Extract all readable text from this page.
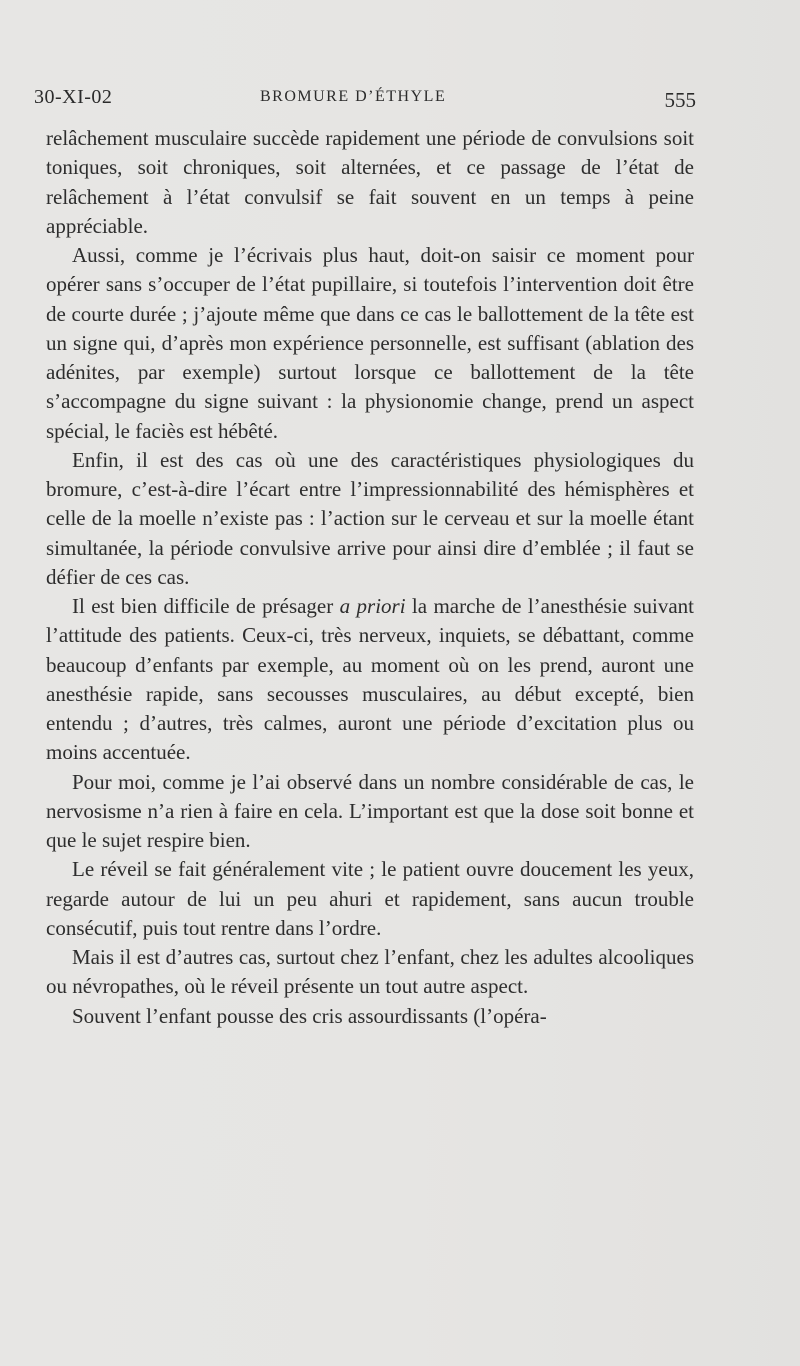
30-XI-02	BROMURE D’ÉTHYLE	555

relâchement musculaire succède rapidement une période de convulsions soit toniques, soit chroniques, soit alternées, et ce passage de l’état de relâchement à l’état convulsif se fait souvent en un temps à peine appréciable.

Aussi, comme je l’écrivais plus haut, doit-on saisir ce moment pour opérer sans s’occuper de l’état pupillaire, si toutefois l’intervention doit être de courte durée ; j’ajoute même que dans ce cas le ballottement de la tête est un signe qui, d’après mon expérience personnelle, est suffisant (ablation des adénites, par exemple) surtout lorsque ce ballottement de la tête s’accompagne du signe suivant : la physionomie change, prend un aspect spécial, le faciès est hébêté.

Enfin, il est des cas où une des caractéristiques physiologiques du bromure, c’est-à-dire l’écart entre l’impressionnabilité des hémisphères et celle de la moelle n’existe pas : l’action sur le cerveau et sur la moelle étant simultanée, la période convulsive arrive pour ainsi dire d’emblée ; il faut se défier de ces cas.

Il est bien difficile de présager a priori la marche de l’anesthésie suivant l’attitude des patients. Ceux-ci, très nerveux, inquiets, se débattant, comme beaucoup d’enfants par exemple, au moment où on les prend, auront une anesthésie rapide, sans secousses musculaires, au début excepté, bien entendu ; d’autres, très calmes, auront une période d’excitation plus ou moins accentuée.

Pour moi, comme je l’ai observé dans un nombre considérable de cas, le nervosisme n’a rien à faire en cela. L’important est que la dose soit bonne et que le sujet respire bien.

Le réveil se fait généralement vite ; le patient ouvre doucement les yeux, regarde autour de lui un peu ahuri et rapidement, sans aucun trouble consécutif, puis tout rentre dans l’ordre.

Mais il est d’autres cas, surtout chez l’enfant, chez les adultes alcooliques ou névropathes, où le réveil présente un tout autre aspect.

Souvent l’enfant pousse des cris assourdissants (l’opéra-
